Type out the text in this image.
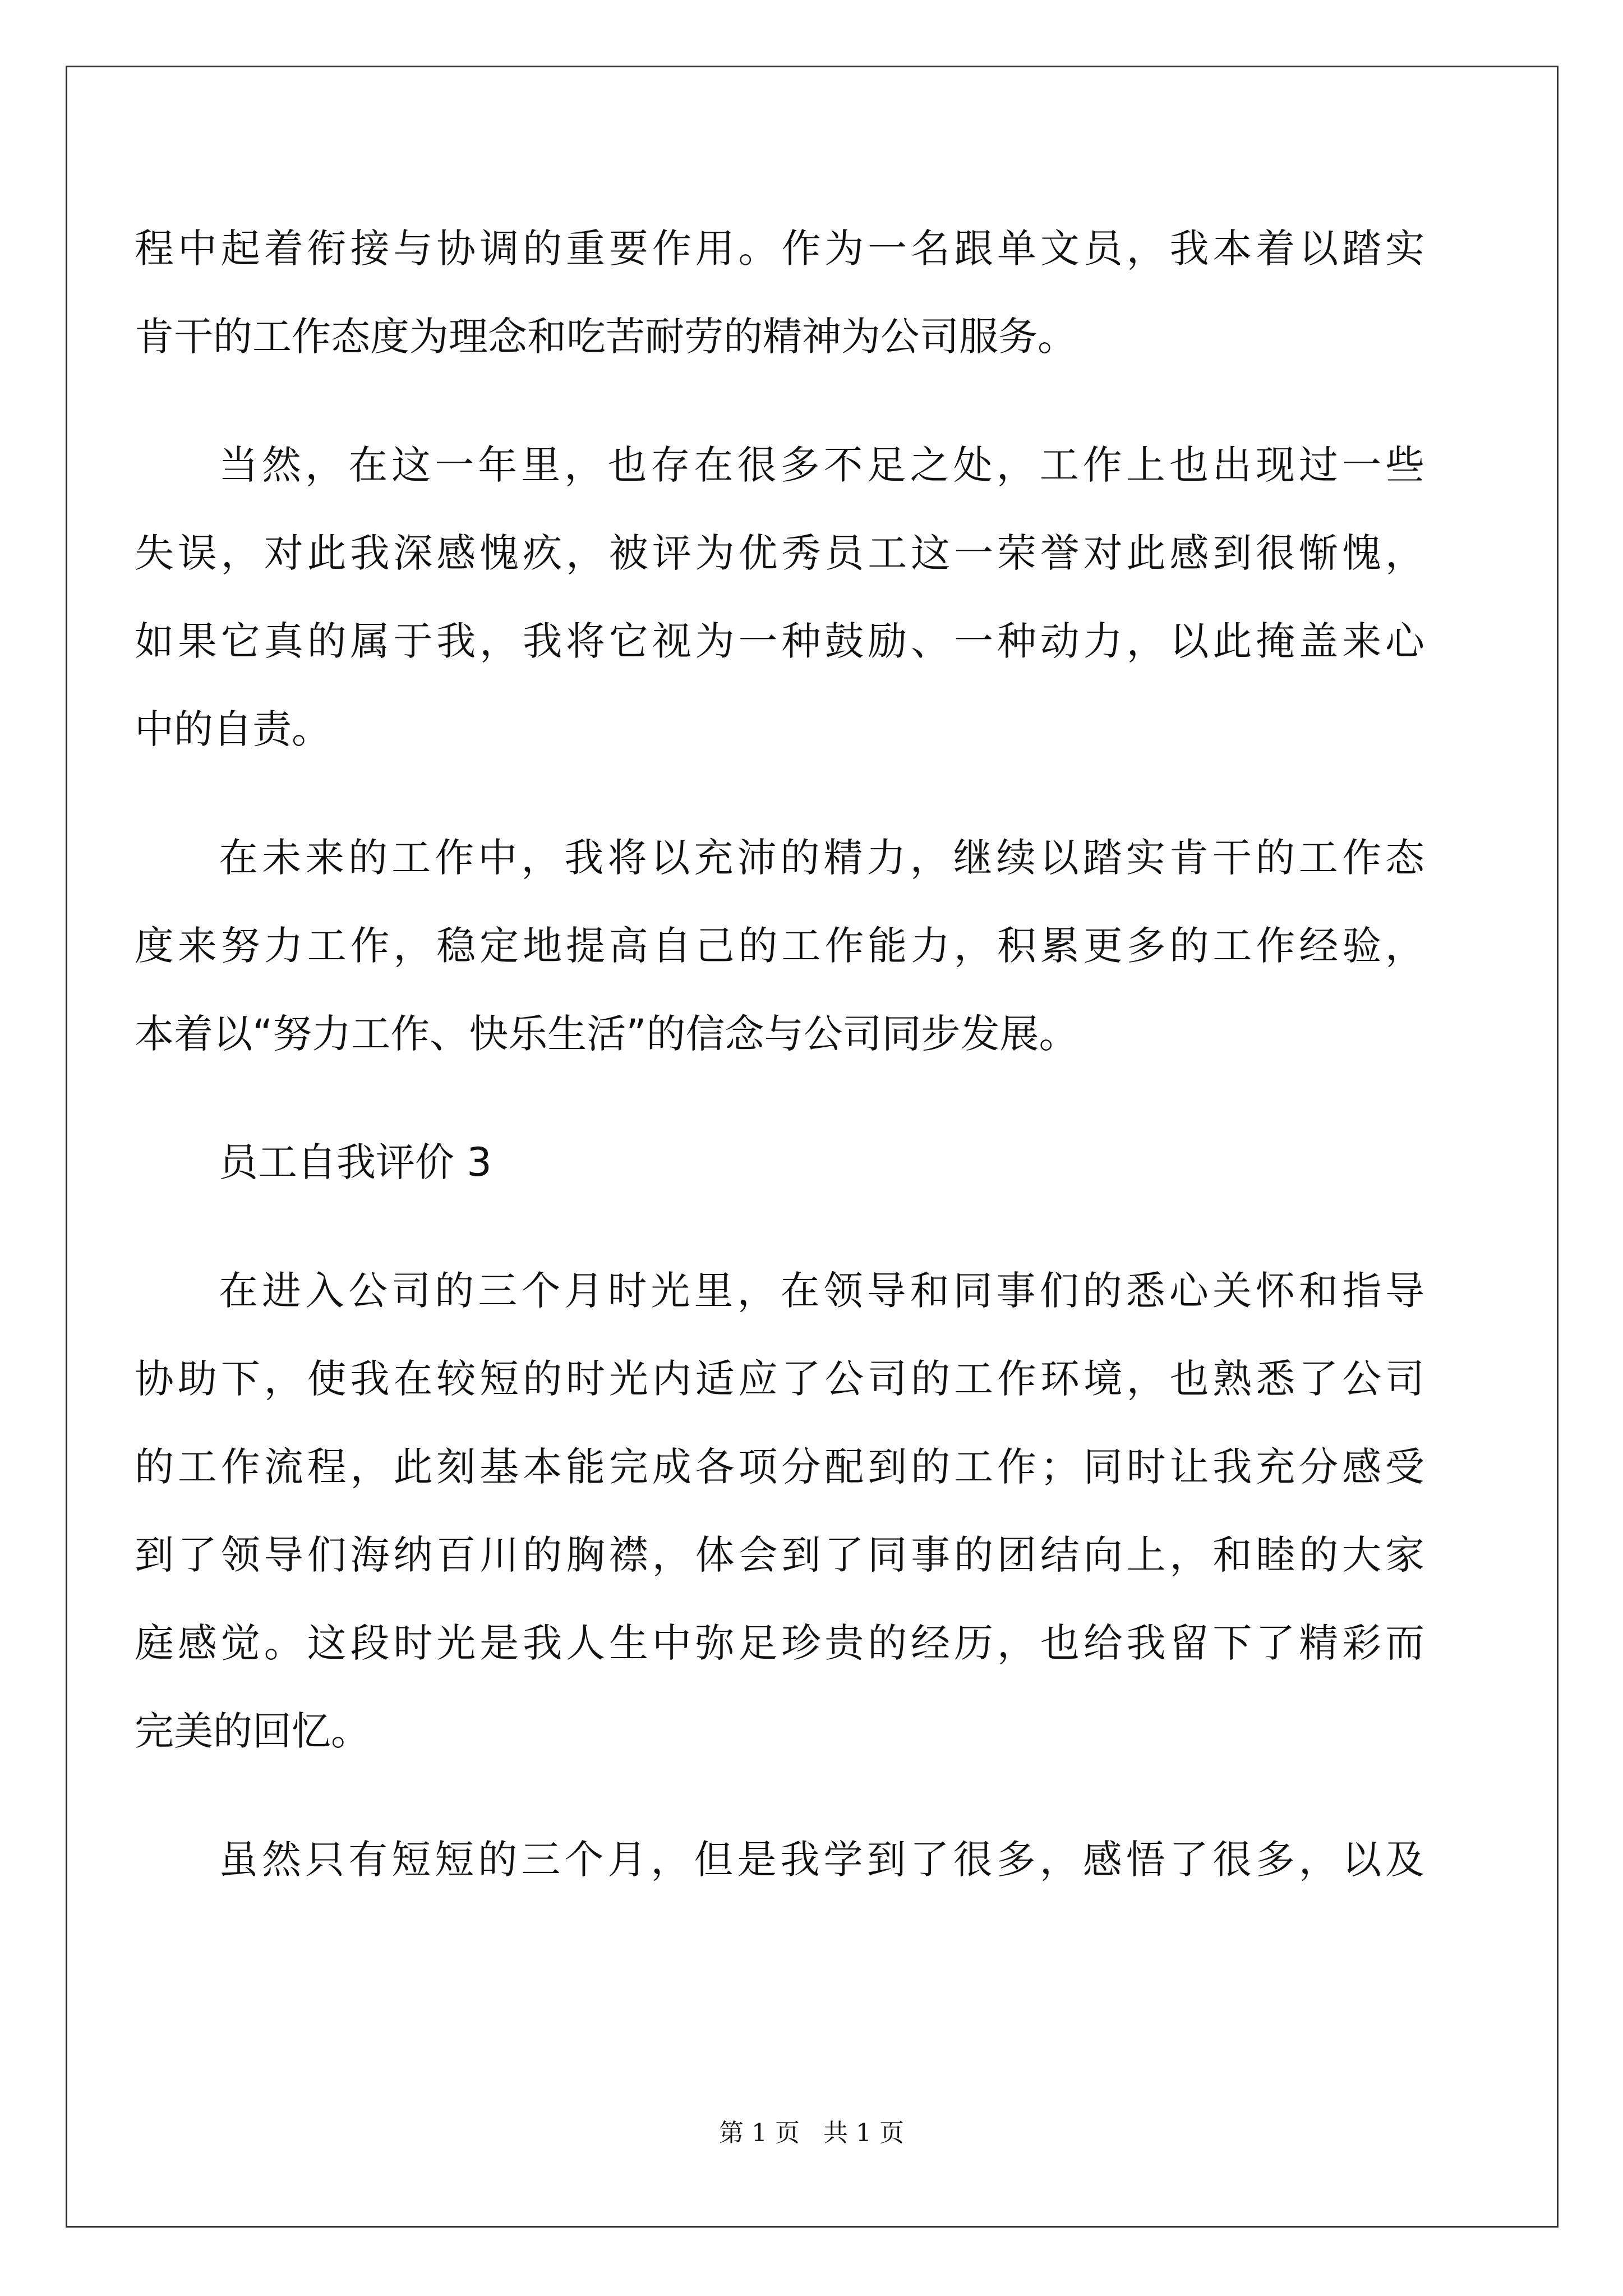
程中起着衔接与协调的重要作用。作为一名跟单文员，我本着以踏实
肯干的工作态度为理念和吃苦耐劳的精神为公司服务。
当然，在这一年里，也存在很多不足之处，工作上也出现过一些
失误，对此我深感愧疚，被评为优秀员工这一荣誉对此感到很惭愧，
如果它真的属于我，我将它视为一种鼓励、一种动力，以此掩盖来心
中的自责。
在未来的工作中，我将以充沛的精力，继续以踏实肯干的工作态
度来努力工作，稳定地提高自己的工作能力，积累更多的工作经验，
本着以“努力工作、快乐生活”的信念与公司同步发展。
员工自我评价 3
在进入公司的三个月时光里，在领导和同事们的悉心关怀和指导
协助下，使我在较短的时光内适应了公司的工作环境，也熟悉了公司
的工作流程，此刻基本能完成各项分配到的工作；同时让我充分感受
到了领导们海纳百川的胸襟，体会到了同事的团结向上，和睦的大家
庭感觉。这段时光是我人生中弥足珍贵的经历，也给我留下了精彩而
完美的回忆。
虽然只有短短的三个月，但是我学到了很多，感悟了很多，以及
第 1 页   共 1 页
